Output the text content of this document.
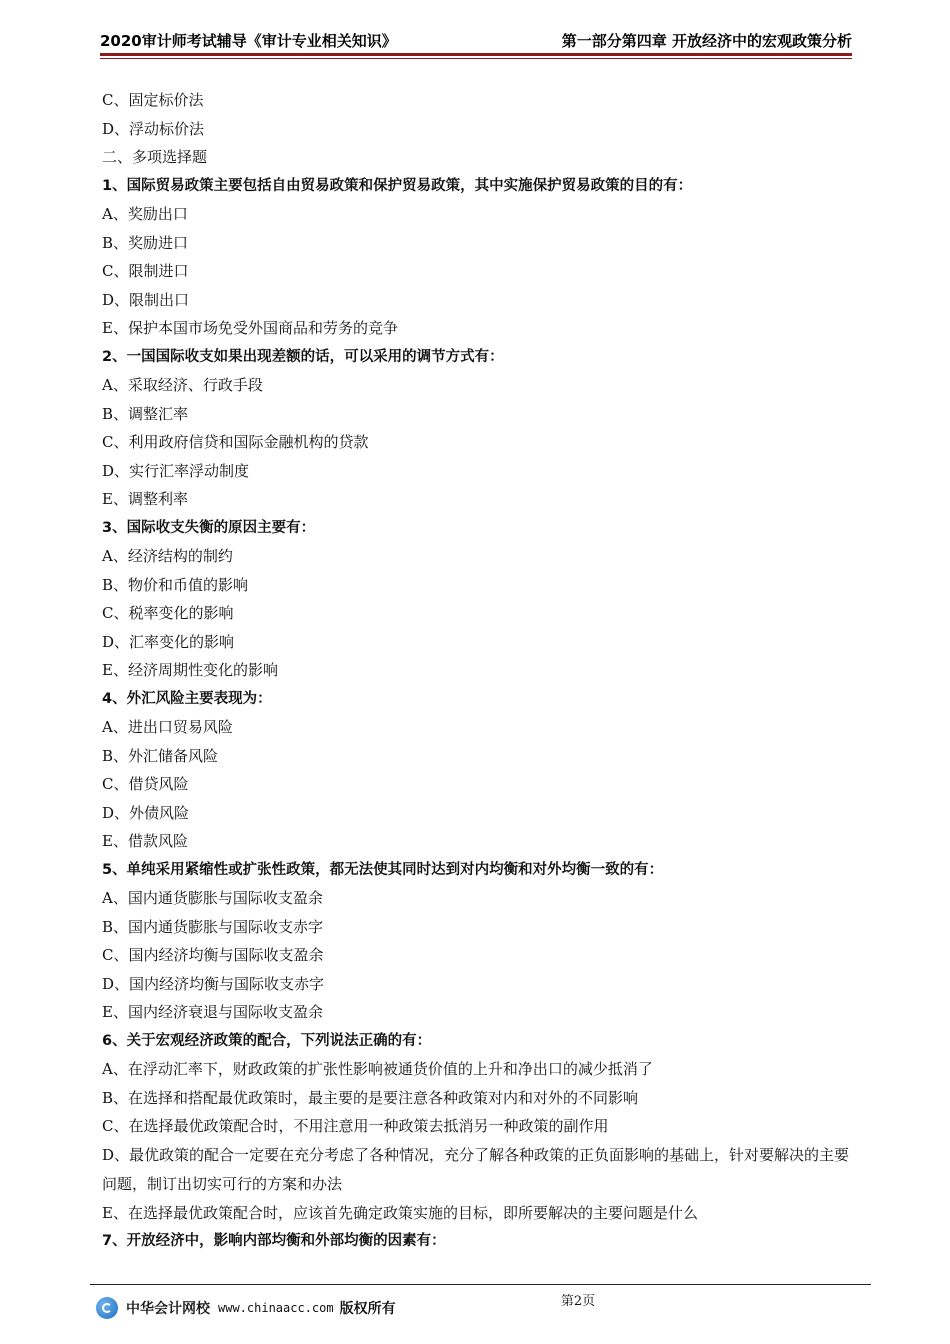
2020审计师考试辅导《审计专业相关知识》	第一部分第四章 开放经济中的宏观政策分析
C、固定标价法
D、浮动标价法
二、多项选择题
1、国际贸易政策主要包括自由贸易政策和保护贸易政策，其中实施保护贸易政策的目的有：
A、奖励出口
B、奖励进口
C、限制进口
D、限制出口
E、保护本国市场免受外国商品和劳务的竞争
2、一国国际收支如果出现差额的话，可以采用的调节方式有：
A、采取经济、行政手段
B、调整汇率
C、利用政府信贷和国际金融机构的贷款
D、实行汇率浮动制度
E、调整利率
3、国际收支失衡的原因主要有：
A、经济结构的制约
B、物价和币值的影响
C、税率变化的影响
D、汇率变化的影响
E、经济周期性变化的影响
4、外汇风险主要表现为：
A、进出口贸易风险
B、外汇储备风险
C、借贷风险
D、外债风险
E、借款风险
5、单纯采用紧缩性或扩张性政策，都无法使其同时达到对内均衡和对外均衡一致的有：
A、国内通货膨胀与国际收支盈余
B、国内通货膨胀与国际收支赤字
C、国内经济均衡与国际收支盈余
D、国内经济均衡与国际收支赤字
E、国内经济衰退与国际收支盈余
6、关于宏观经济政策的配合，下列说法正确的有：
A、在浮动汇率下，财政政策的扩张性影响被通货价值的上升和净出口的减少抵消了
B、在选择和搭配最优政策时，最主要的是要注意各种政策对内和对外的不同影响
C、在选择最优政策配合时，不用注意用一种政策去抵消另一种政策的副作用
D、最优政策的配合一定要在充分考虑了各种情况，充分了解各种政策的正负面影响的基础上，针对要解决的主要问题，制订出切实可行的方案和办法
E、在选择最优政策配合时，应该首先确定政策实施的目标，即所要解决的主要问题是什么
7、开放经济中，影响内部均衡和外部均衡的因素有：
第2页
中华会计网校 www.chinaacc.com 版权所有
